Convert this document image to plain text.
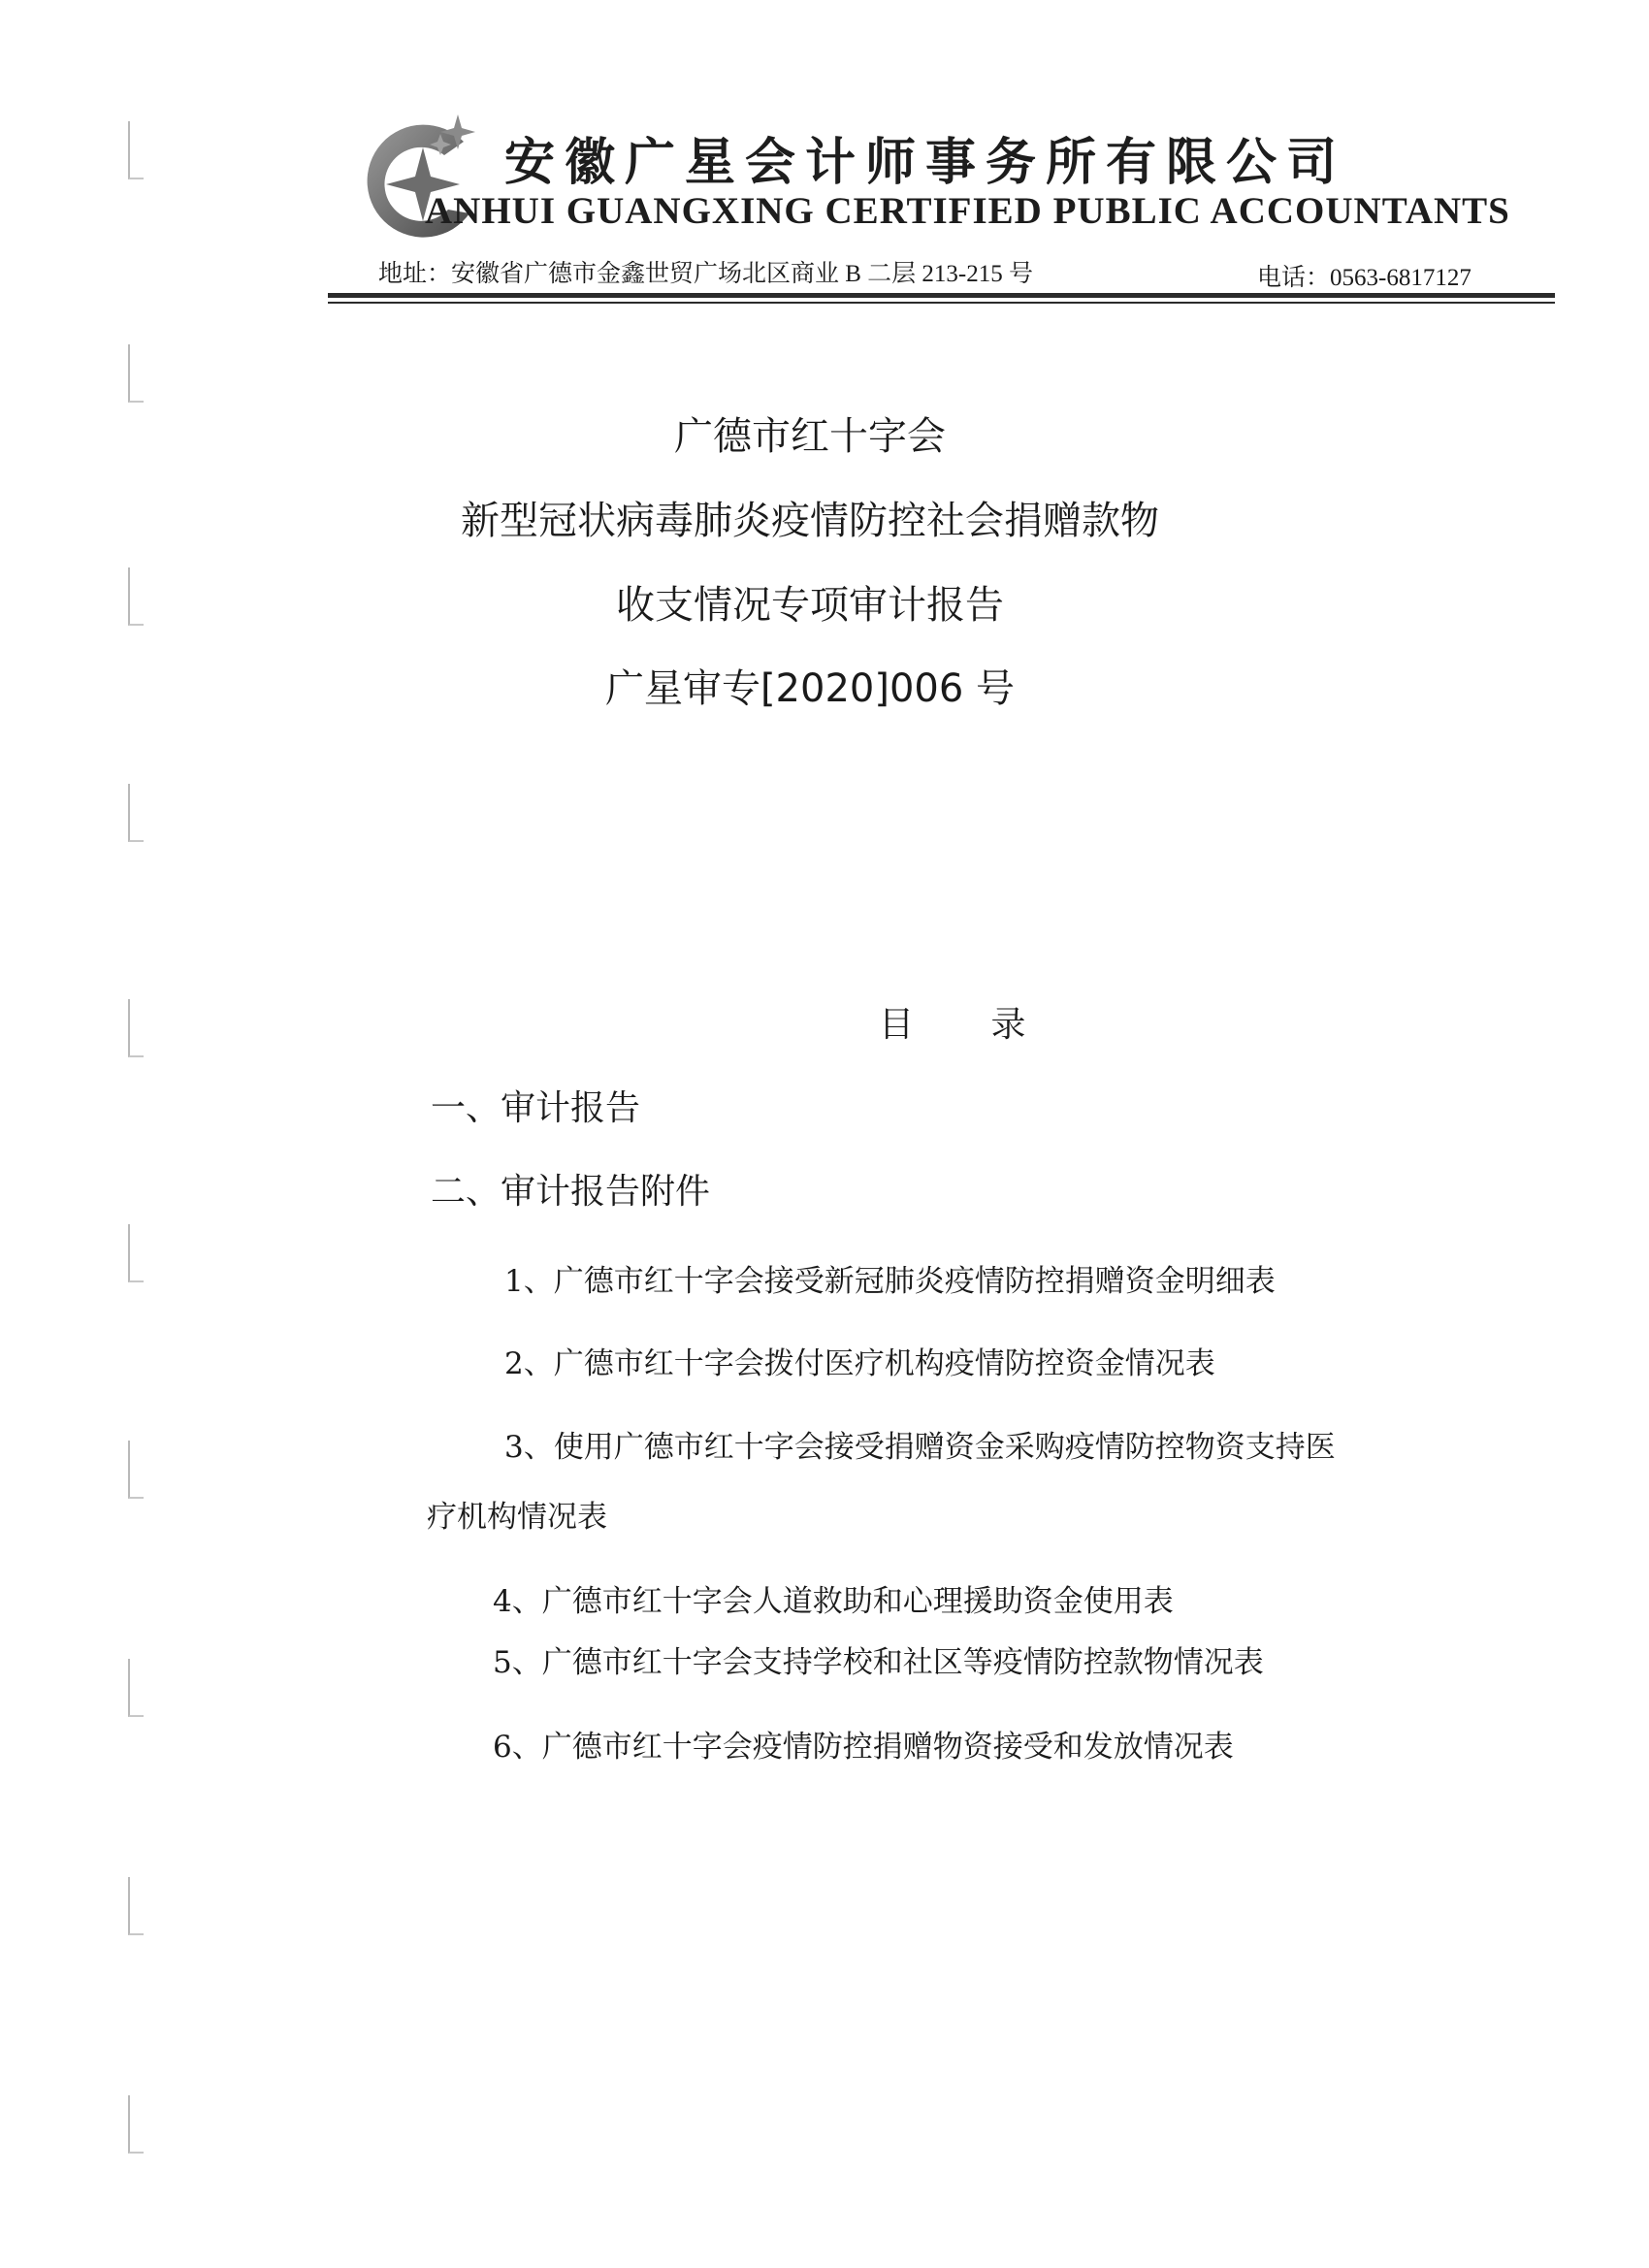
安徽广星会计师事务所有限公司
ANHUI GUANGXING CERTIFIED PUBLIC ACCOUNTANTS
地址：安徽省广德市金鑫世贸广场北区商业 B 二层 213-215 号	电话：0563-6817127
广德市红十字会
新型冠状病毒肺炎疫情防控社会捐赠款物
收支情况专项审计报告
广星审专[2020]006 号
目 录
一、审计报告
二、审计报告附件
1、广德市红十字会接受新冠肺炎疫情防控捐赠资金明细表
2、广德市红十字会拨付医疗机构疫情防控资金情况表
3、使用广德市红十字会接受捐赠资金采购疫情防控物资支持医
疗机构情况表
4、广德市红十字会人道救助和心理援助资金使用表
5、广德市红十字会支持学校和社区等疫情防控款物情况表
6、广德市红十字会疫情防控捐赠物资接受和发放情况表
